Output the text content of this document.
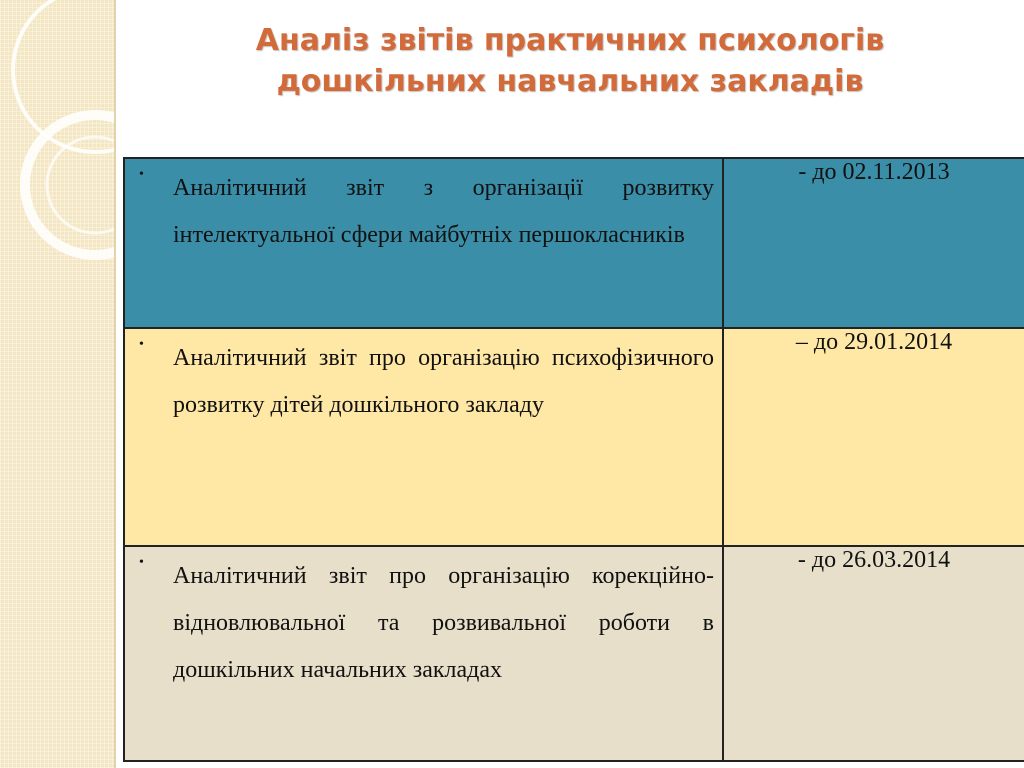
Аналіз звітів практичних психологів дошкільних навчальних закладів
•
Аналітичний звіт з організації розвитку інтелектуальної сфери майбутніх першокласників	- до 02.11.2013

•
Аналітичний звіт про організацію психофізичного розвитку дітей дошкільного закладу	– до 29.01.2014

•
Аналітичний звіт про організацію корекційно-відновлювальної та розвивальної роботи в дошкільних начальних закладах	- до 26.03.2014
